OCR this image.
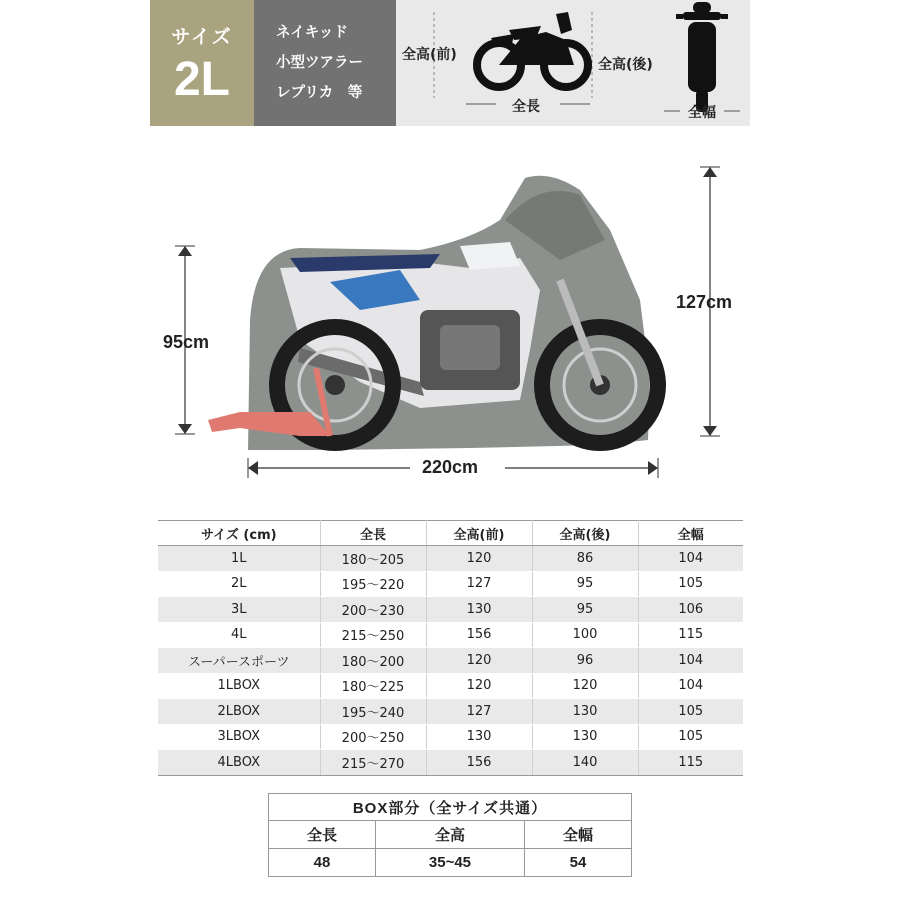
サイズ
2L
ネイキッド
小型ツアラー
レプリカ　等
全高(前)
全高(後)
全長	全幅
95cm
127cm
220cm
サイズ (cm)	全長	全高(前)	全高(後)	全幅
1L	180～205	120	86	104
2L	195～220	127	95	105
3L	200～230	130	95	106
4L	215～250	156	100	115
スーパースポーツ	180～200	120	96	104
1LBOX	180～225	120	120	104
2LBOX	195～240	127	130	105
3LBOX	200～250	130	130	105
4LBOX	215～270	156	140	115
BOX部分（全サイズ共通）		
全長	全高	全幅
48	35~45	54
